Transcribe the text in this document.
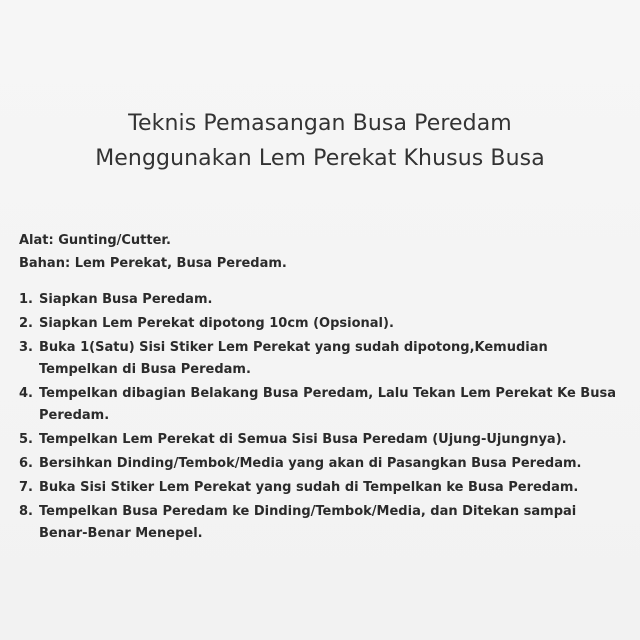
Teknis Pemasangan Busa Peredam
Menggunakan Lem Perekat Khusus Busa
Alat: Gunting/Cutter.
Bahan: Lem Perekat, Busa Peredam.
1. Siapkan Busa Peredam.
2. Siapkan Lem Perekat dipotong 10cm (Opsional).
3. Buka 1(Satu) Sisi Stiker Lem Perekat yang sudah dipotong,Kemudian Tempelkan di Busa Peredam.
4. Tempelkan dibagian Belakang Busa Peredam, Lalu Tekan Lem Perekat Ke Busa Peredam.
5. Tempelkan Lem Perekat di Semua Sisi Busa Peredam (Ujung-Ujungnya).
6. Bersihkan Dinding/Tembok/Media yang akan di Pasangkan Busa Peredam.
7. Buka Sisi Stiker Lem Perekat yang sudah di Tempelkan ke Busa Peredam.
8. Tempelkan Busa Peredam ke Dinding/Tembok/Media, dan Ditekan sampai Benar-Benar Menepel.
